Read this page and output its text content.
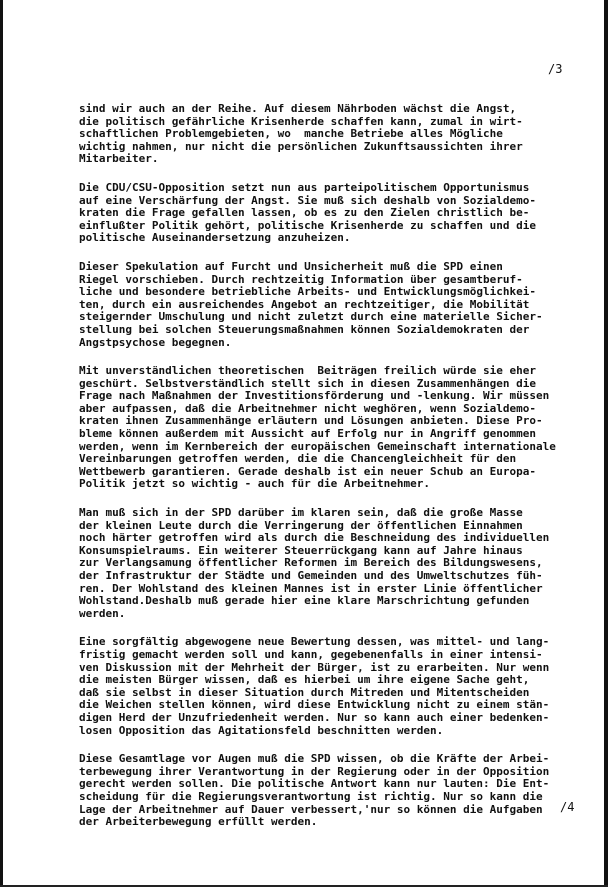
/3
sind wir auch an der Reihe. Auf diesem Nährboden wächst die Angst,
die politisch gefährliche Krisenherde schaffen kann, zumal in wirt-
schaftlichen Problemgebieten, wo  manche Betriebe alles Mögliche
wichtig nahmen, nur nicht die persönlichen Zukunftsaussichten ihrer
Mitarbeiter.
Die CDU/CSU-Opposition setzt nun aus parteipolitischem Opportunismus
auf eine Verschärfung der Angst. Sie muß sich deshalb von Sozialdemo-
kraten die Frage gefallen lassen, ob es zu den Zielen christlich be-
einflußter Politik gehört, politische Krisenherde zu schaffen und die
politische Auseinandersetzung anzuheizen.
Dieser Spekulation auf Furcht und Unsicherheit muß die SPD einen
Riegel vorschieben. Durch rechtzeitig Information über gesamtberuf-
liche und besondere betriebliche Arbeits- und Entwicklungsmöglichkei-
ten, durch ein ausreichendes Angebot an rechtzeitiger, die Mobilität
steigernder Umschulung und nicht zuletzt durch eine materielle Sicher-
stellung bei solchen Steuerungsmaßnahmen können Sozialdemokraten der
Angstpsychose begegnen.
Mit unverständlichen theoretischen  Beiträgen freilich würde sie eher
geschürt. Selbstverständlich stellt sich in diesen Zusammenhängen die
Frage nach Maßnahmen der Investitionsförderung und -lenkung. Wir müssen
aber aufpassen, daß die Arbeitnehmer nicht weghören, wenn Sozialdemo-
kraten ihnen Zusammenhänge erläutern und Lösungen anbieten. Diese Pro-
bleme können außerdem mit Aussicht auf Erfolg nur in Angriff genommen
werden, wenn im Kernbereich der europäischen Gemeinschaft internationale
Vereinbarungen getroffen werden, die die Chancengleichheit für den
Wettbewerb garantieren. Gerade deshalb ist ein neuer Schub an Europa-
Politik jetzt so wichtig - auch für die Arbeitnehmer.
Man muß sich in der SPD darüber im klaren sein, daß die große Masse
der kleinen Leute durch die Verringerung der öffentlichen Einnahmen
noch härter getroffen wird als durch die Beschneidung des individuellen
Konsumspielraums. Ein weiterer Steuerrückgang kann auf Jahre hinaus
zur Verlangsamung öffentlicher Reformen im Bereich des Bildungswesens,
der Infrastruktur der Städte und Gemeinden und des Umweltschutzes füh-
ren. Der Wohlstand des kleinen Mannes ist in erster Linie öffentlicher
Wohlstand.Deshalb muß gerade hier eine klare Marschrichtung gefunden
werden.
Eine sorgfältig abgewogene neue Bewertung dessen, was mittel- und lang-
fristig gemacht werden soll und kann, gegebenenfalls in einer intensi-
ven Diskussion mit der Mehrheit der Bürger, ist zu erarbeiten. Nur wenn
die meisten Bürger wissen, daß es hierbei um ihre eigene Sache geht,
daß sie selbst in dieser Situation durch Mitreden und Mitentscheiden
die Weichen stellen können, wird diese Entwicklung nicht zu einem stän-
digen Herd der Unzufriedenheit werden. Nur so kann auch einer bedenken-
losen Opposition das Agitationsfeld beschnitten werden.
Diese Gesamtlage vor Augen muß die SPD wissen, ob die Kräfte der Arbei-
terbewegung ihrer Verantwortung in der Regierung oder in der Opposition
gerecht werden sollen. Die politische Antwort kann nur lauten: Die Ent-
scheidung für die Regierungsverantwortung ist richtig. Nur so kann die
Lage der Arbeitnehmer auf Dauer verbessert,'nur so können die Aufgaben
der Arbeiterbewegung erfüllt werden.
/4
